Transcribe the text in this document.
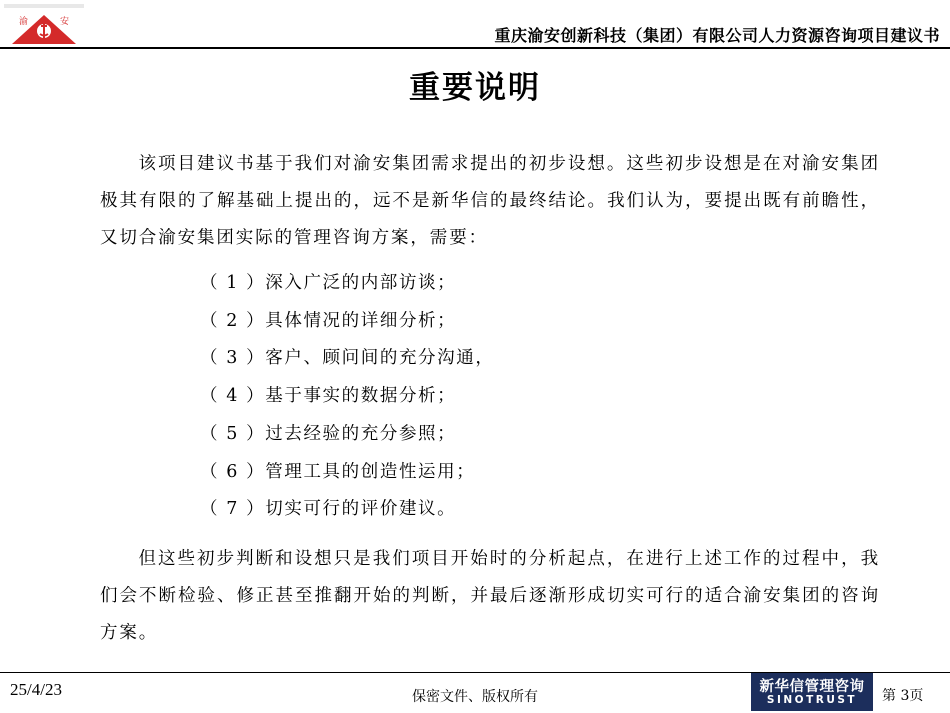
渝	安
重庆渝安创新科技（集团）有限公司人力资源咨询项目建议书
重要说明
该项目建议书基于我们对渝安集团需求提出的初步设想。这些初步设想是在对渝安集团极其有限的了解基础上提出的，远不是新华信的最终结论。我们认为，要提出既有前瞻性，又切合渝安集团实际的管理咨询方案，需要：
（ 1 ）深入广泛的内部访谈；
（ 2 ）具体情况的详细分析；
（ 3 ）客户、顾问间的充分沟通，
（ 4 ）基于事实的数据分析；
（ 5 ）过去经验的充分参照；
（ 6 ）管理工具的创造性运用；
（ 7 ）切实可行的评价建议。
但这些初步判断和设想只是我们项目开始时的分析起点，在进行上述工作的过程中，我们会不断检验、修正甚至推翻开始的判断，并最后逐渐形成切实可行的适合渝安集团的咨询方案。
25/4/23	保密文件、版权所有
新华信管理咨询
SINOTRUST	第 3页
